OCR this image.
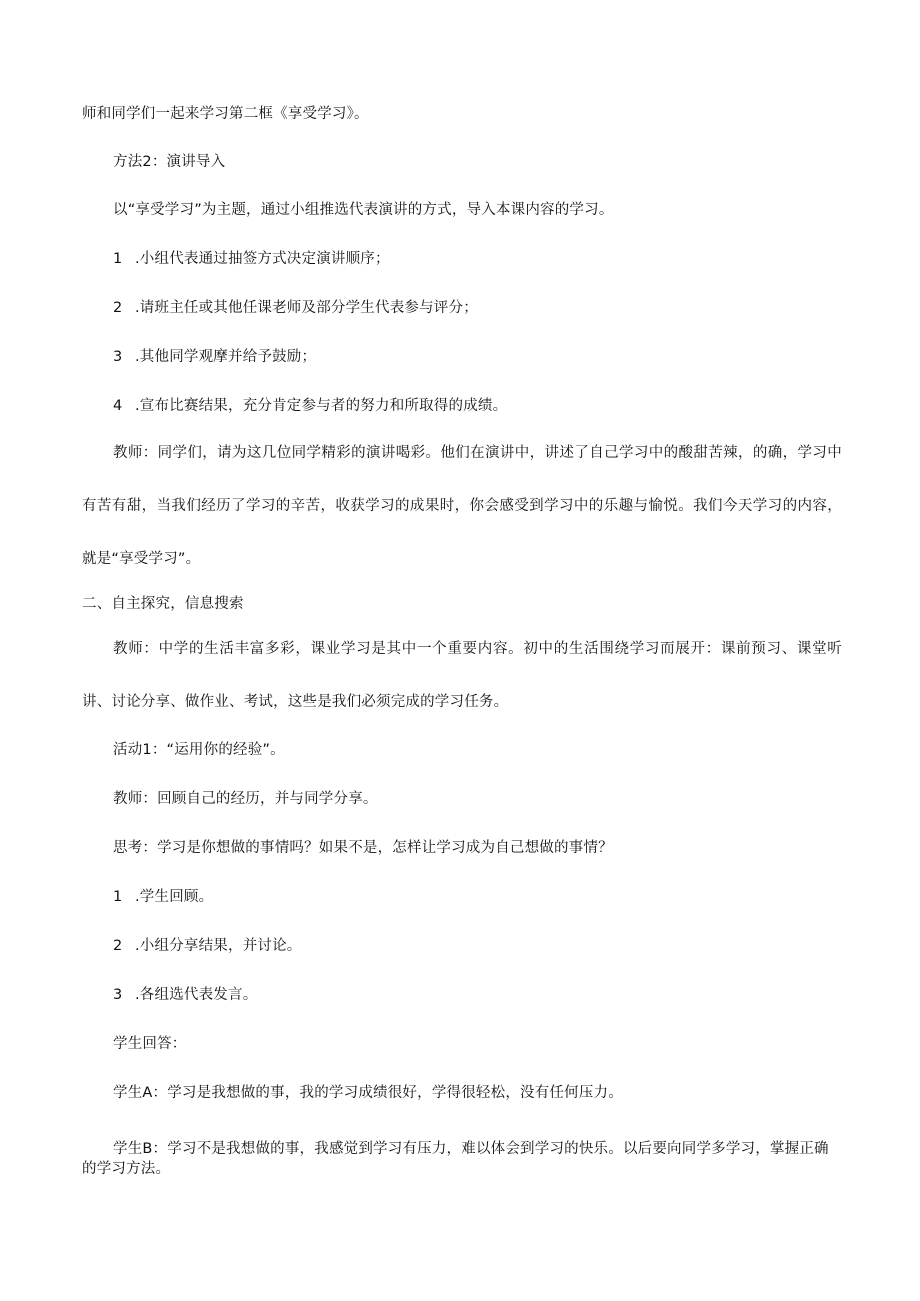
师和同学们一起来学习第二框《享受学习》。
方法2：演讲导入
以“享受学习”为主题，通过小组推选代表演讲的方式，导入本课内容的学习。
1 .小组代表通过抽签方式决定演讲顺序；
2 .请班主任或其他任课老师及部分学生代表参与评分；
3 .其他同学观摩并给予鼓励；
4 .宣布比赛结果，充分肯定参与者的努力和所取得的成绩。
教师：同学们，请为这几位同学精彩的演讲喝彩。他们在演讲中，讲述了自己学习中的酸甜苦辣，的确，学习中有苦有甜，当我们经历了学习的辛苦，收获学习的成果时，你会感受到学习中的乐趣与愉悦。我们今天学习的内容，就是“享受学习”。
二、自主探究，信息搜索
教师：中学的生活丰富多彩，课业学习是其中一个重要内容。初中的生活围绕学习而展开：课前预习、课堂听讲、讨论分享、做作业、考试，这些是我们必须完成的学习任务。
活动1：“运用你的经验”。
教师：回顾自己的经历，并与同学分享。
思考：学习是你想做的事情吗？如果不是，怎样让学习成为自己想做的事情？
1 .学生回顾。
2 .小组分享结果，并讨论。
3 .各组选代表发言。
学生回答：
学生A：学习是我想做的事，我的学习成绩很好，学得很轻松，没有任何压力。
学生B：学习不是我想做的事，我感觉到学习有压力，难以体会到学习的快乐。以后要向同学多学习，掌握正确的学习方法。
